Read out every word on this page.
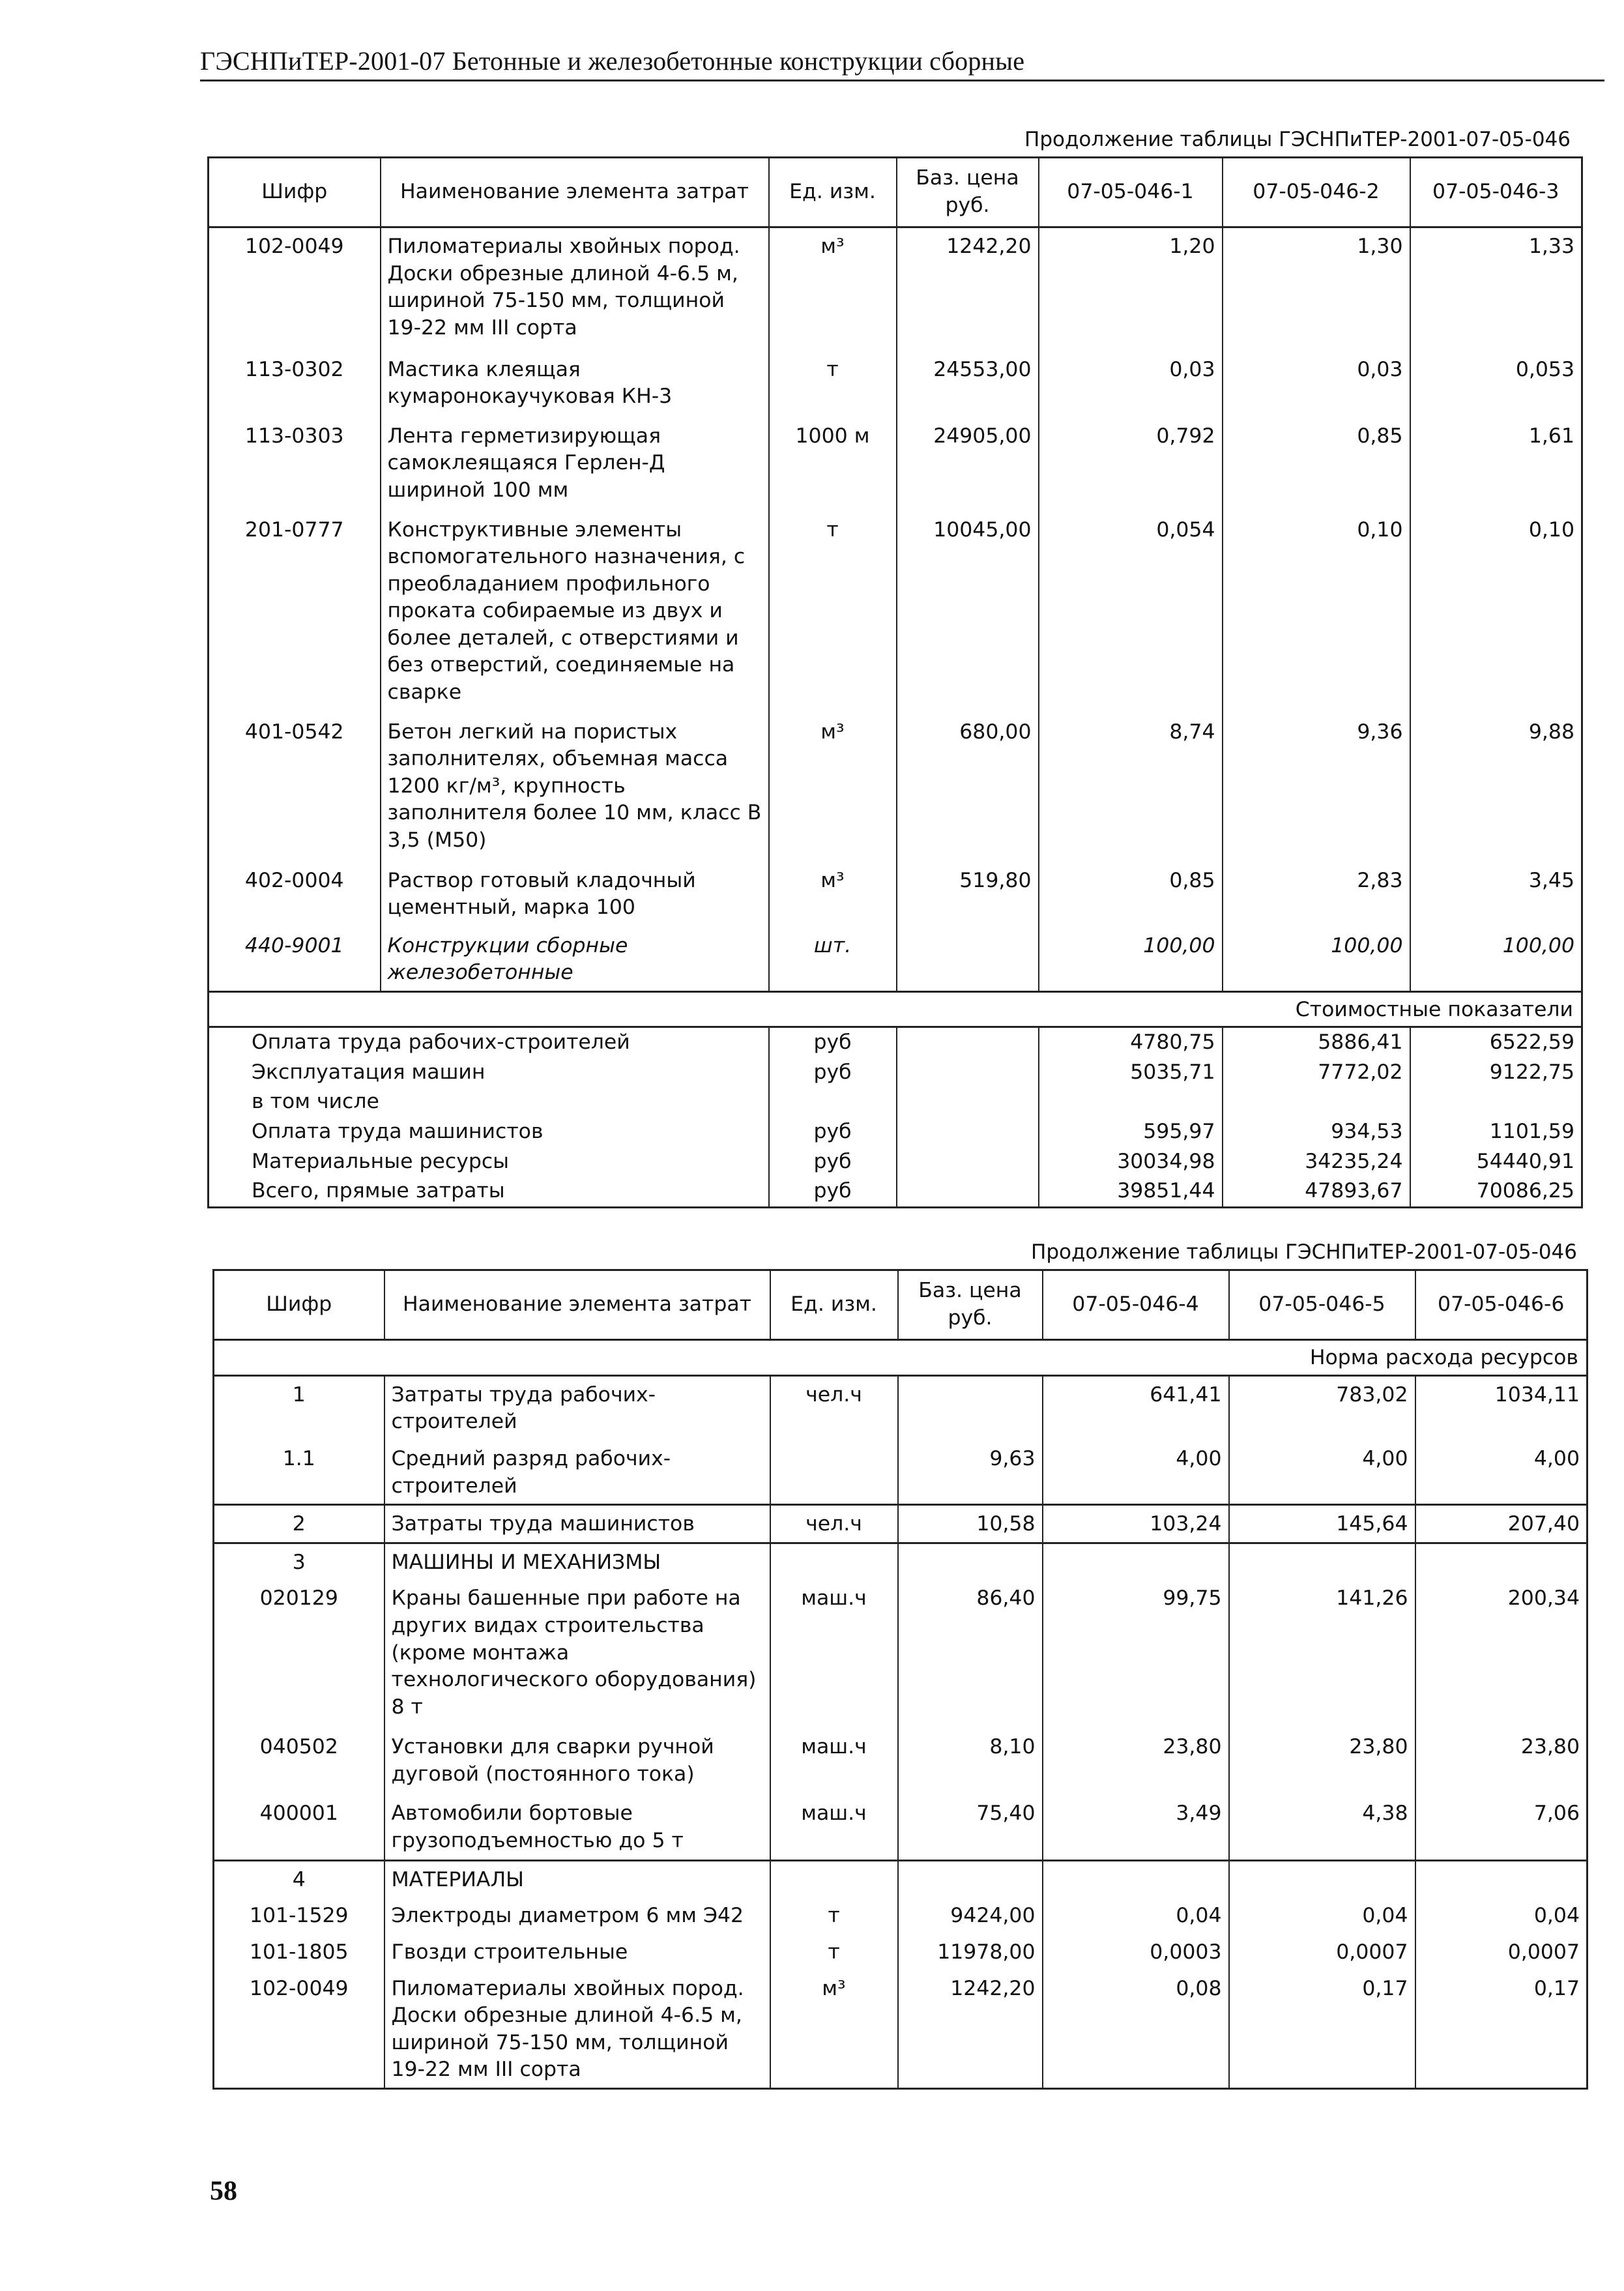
ГЭСНПиТЕР-2001-07 Бетонные и железобетонные конструкции сборные
Продолжение таблицы ГЭСНПиТЕР-2001-07-05-046
Шифр	Наименование элемента затрат	Ед. изм.	Баз. цена руб.	07-05-046-1	07-05-046-2	07-05-046-3
102-0049	Пиломатериалы хвойных пород. Доски обрезные длиной 4-6.5 м, шириной 75-150 мм, толщиной 19-22 мм III сорта	м³	1242,20	1,20	1,30	1,33
113-0302	Мастика клеящая кумаронокаучуковая КН-3	т	24553,00	0,03	0,03	0,053
113-0303	Лента герметизирующая самоклеящаяся Герлен-Д шириной 100 мм	1000 м	24905,00	0,792	0,85	1,61
201-0777	Конструктивные элементы вспомогательного назначения, с преобладанием профильного проката собираемые из двух и более деталей, с отверстиями и без отверстий, соединяемые на сварке	т	10045,00	0,054	0,10	0,10
401-0542	Бетон легкий на пористых заполнителях, объемная масса 1200 кг/м³, крупность заполнителя более 10 мм, класс В 3,5 (М50)	м³	680,00	8,74	9,36	9,88
402-0004	Раствор готовый кладочный цементный, марка 100	м³	519,80	0,85	2,83	3,45
440-9001	Конструкции сборные железобетонные	шт.		100,00	100,00	100,00
Стоимостные показатели						
Оплата труда рабочих-строителей		руб		4780,75	5886,41	6522,59
Эксплуатация машин		руб		5035,71	7772,02	9122,75
в том числе						
Оплата труда машинистов		руб		595,97	934,53	1101,59
Материальные ресурсы		руб		30034,98	34235,24	54440,91
Всего, прямые затраты		руб		39851,44	47893,67	70086,25
Продолжение таблицы ГЭСНПиТЕР-2001-07-05-046
Шифр	Наименование элемента затрат	Ед. изм.	Баз. цена руб.	07-05-046-4	07-05-046-5	07-05-046-6
Норма расхода ресурсов						
1	Затраты труда рабочих-строителей	чел.ч		641,41	783,02	1034,11
1.1	Средний разряд рабочих-строителей		9,63	4,00	4,00	4,00
2	Затраты труда машинистов	чел.ч	10,58	103,24	145,64	207,40
3	МАШИНЫ И МЕХАНИЗМЫ					
020129	Краны башенные при работе на других видах строительства (кроме монтажа технологического оборудования) 8 т	маш.ч	86,40	99,75	141,26	200,34
040502	Установки для сварки ручной дуговой (постоянного тока)	маш.ч	8,10	23,80	23,80	23,80
400001	Автомобили бортовые грузоподъемностью до 5 т	маш.ч	75,40	3,49	4,38	7,06
4	МАТЕРИАЛЫ					
101-1529	Электроды диаметром 6 мм Э42	т	9424,00	0,04	0,04	0,04
101-1805	Гвозди строительные	т	11978,00	0,0003	0,0007	0,0007
102-0049	Пиломатериалы хвойных пород. Доски обрезные длиной 4-6.5 м, шириной 75-150 мм, толщиной 19-22 мм III сорта	м³	1242,20	0,08	0,17	0,17
58
